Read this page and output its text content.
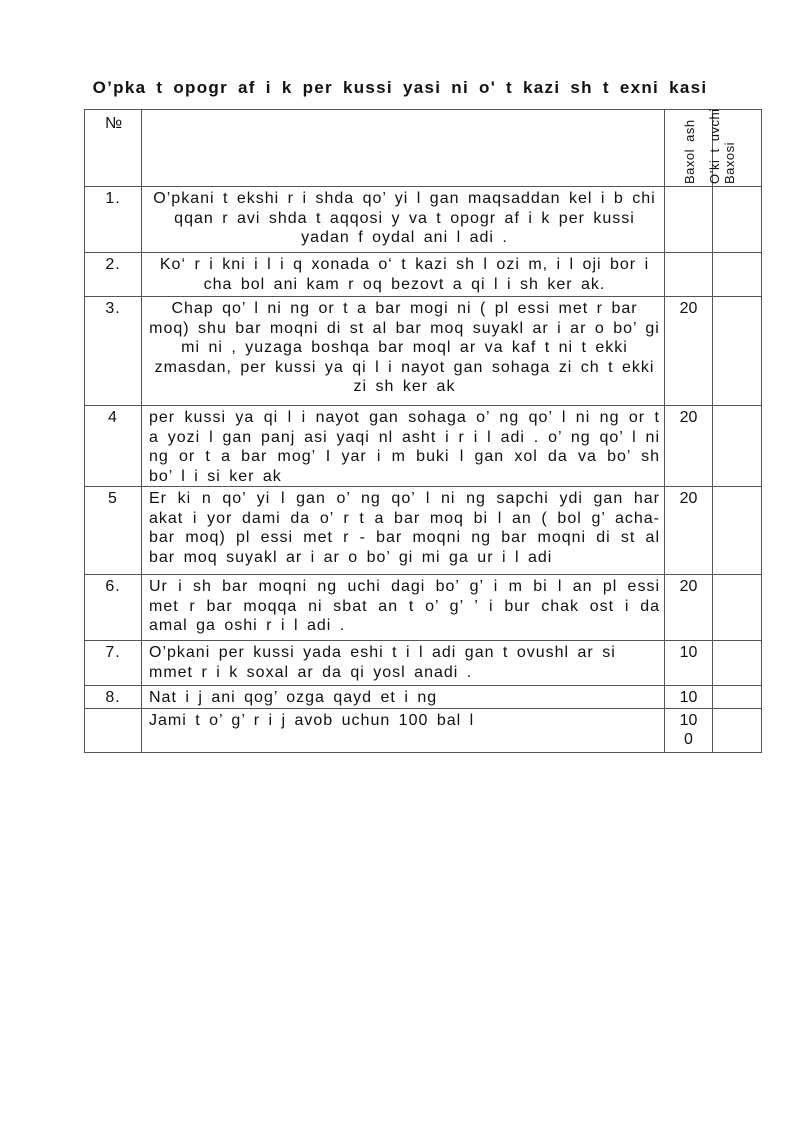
O’pka t opogr af i k per kussi yasi ni o' t kazi sh t exni kasi
№		Baxol ash	O’ki t uvchi Baxosi

1.	O’pkani t ekshi r i shda qo’ yi l gan maqsaddan kel i b chi qqan r avi shda t aqqosi y va t opogr af i k per kussi yadan f oydal ani l adi .		
2.	Ko‘ r i kni i l i q xonada o‘ t kazi sh l ozi m, i l oji bor i cha bol ani kam r oq bezovt a qi l i sh ker ak.		
3.	Chap qo’ l ni ng or t a bar mogi ni ( pl essi met r bar moq) shu bar moqni di st al bar moq suyakl ar i ar o bo’ gi mi ni , yuzaga boshqa bar moql ar va kaf t ni t ekki zmasdan, per kussi ya qi l i nayot gan sohaga zi ch t ekki zi sh ker ak	20	
4	per kussi ya qi l i nayot gan sohaga o’ ng qo’ l ni ng or t a yozi l gan panj asi yaqi nl asht i r i l adi . o’ ng qo’ l ni ng or t a bar mog’ I yar i m buki l gan xol da va bo’ sh bo’ l i si ker ak	20	
5	Er ki n qo’ yi l gan o’ ng qo’ l ni ng sapchi ydi gan har akat i yor dami da o’ r t a bar moq bi l an ( bol g’ acha- bar moq) pl essi met r - bar moqni ng bar moqni di st al bar moq suyakl ar i ar o bo’ gi mi ga ur i l adi	20	
6.	Ur i sh bar moqni ng uchi dagi bo’ g’ i m bi l an pl essi met r bar moqqa ni sbat an t o’ g’ ’ i bur chak ost i da amal ga oshi r i l adi .	20	
7.	O’pkani per kussi yada eshi t i l adi gan t ovushl ar si mmet r i k soxal ar da qi yosl anadi .	10	
8.	Nat i j ani qog’ ozga qayd et i ng	10	
	Jami t o’ g’ r i j avob uchun 100 bal l	10
0	
